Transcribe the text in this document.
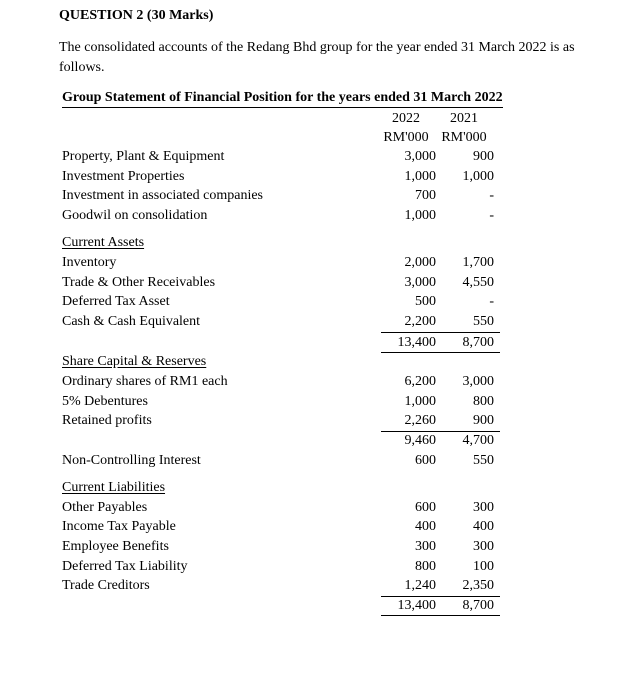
QUESTION 2 (30 Marks)
The consolidated accounts of the Redang Bhd group for the year ended 31 March 2022 is as follows.
Group Statement of Financial Position for the years ended 31 March 2022
2022	2021
RM'000 RM'000
Property, Plant & Equipment	3,000	900
Investment Properties	1,000	1,000
Investment in associated companies	700	-
Goodwil on consolidation	1,000	-
Current Assets
Inventory	2,000	1,700
Trade & Other Receivables	3,000	4,550
Deferred Tax Asset	500	-
Cash & Cash Equivalent	2,200	550
13,400	8,700
Share Capital & Reserves
Ordinary shares of RM1 each	6,200	3,000
5% Debentures	1,000	800
Retained profits	2,260	900
9,460	4,700
Non-Controlling Interest	600	550
Current Liabilities
Other Payables	600	300
Income Tax Payable	400	400
Employee Benefits	300	300
Deferred Tax Liability	800	100
Trade Creditors	1,240	2,350
13,400	8,700
